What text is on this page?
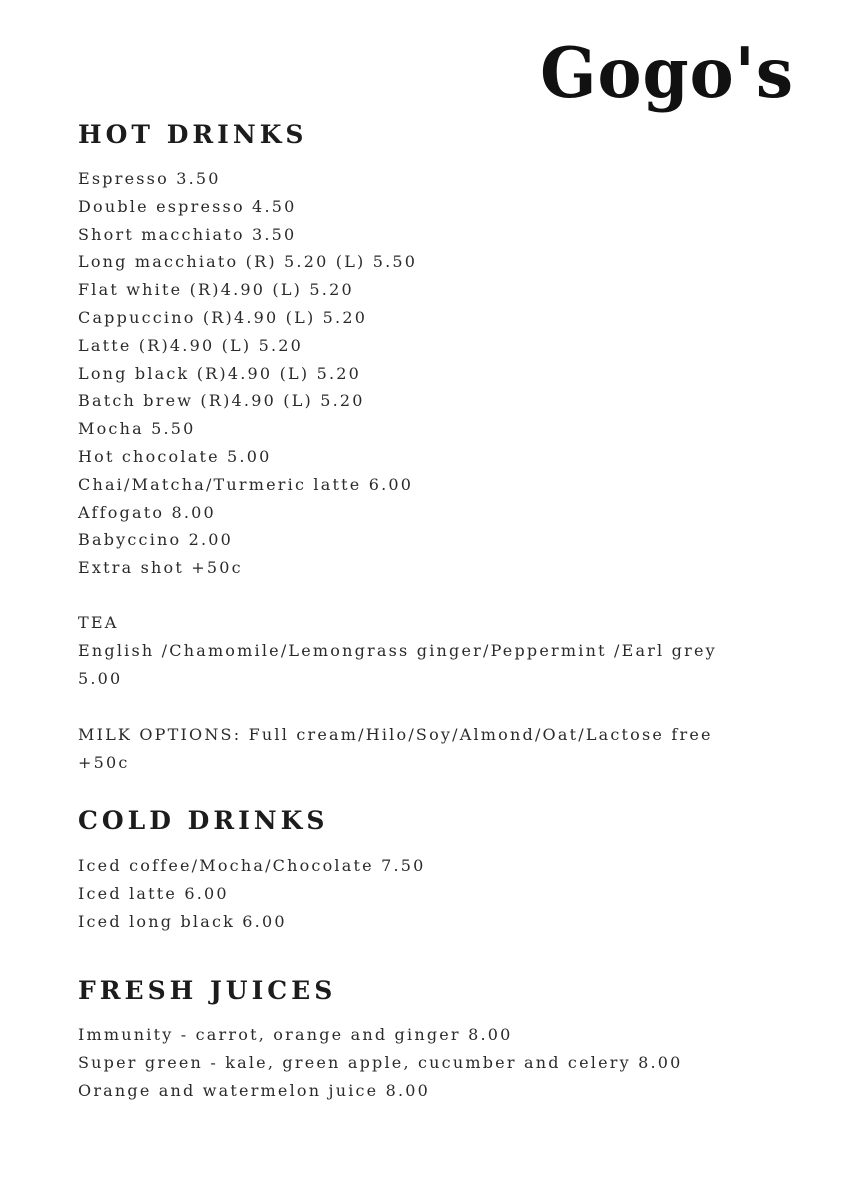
Gogo's
HOT DRINKS
Espresso 3.50
Double espresso 4.50
Short macchiato 3.50
Long macchiato (R) 5.20 (L) 5.50
Flat white (R)4.90 (L) 5.20
Cappuccino (R)4.90 (L) 5.20
Latte (R)4.90 (L) 5.20
Long black (R)4.90 (L) 5.20
Batch brew (R)4.90 (L) 5.20
Mocha 5.50
Hot chocolate 5.00
Chai/Matcha/Turmeric latte 6.00
Affogato 8.00
Babyccino 2.00
Extra shot +50c
TEA
English /Chamomile/Lemongrass ginger/Peppermint /Earl grey
5.00
MILK OPTIONS: Full cream/Hilo/Soy/Almond/Oat/Lactose free
+50c
COLD DRINKS
Iced coffee/Mocha/Chocolate 7.50
Iced latte 6.00
Iced long black 6.00
FRESH JUICES
Immunity - carrot, orange and ginger 8.00
Super green - kale, green apple, cucumber and celery 8.00
Orange and watermelon juice 8.00
